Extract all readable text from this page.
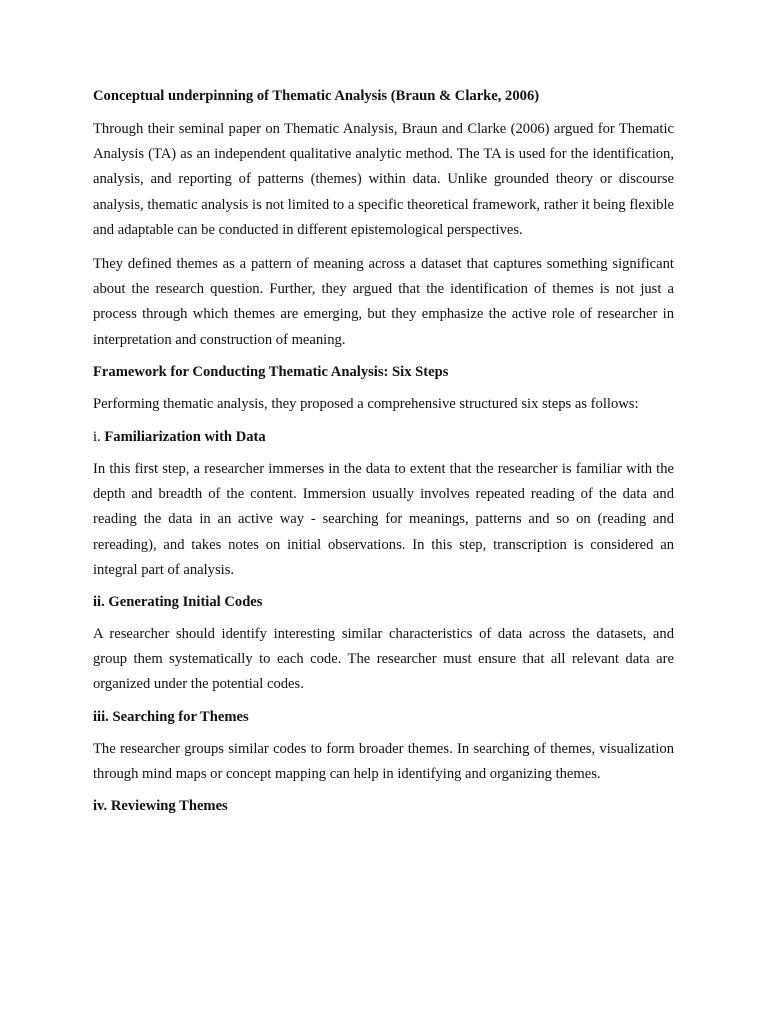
Conceptual underpinning of Thematic Analysis (Braun & Clarke, 2006)

Through their seminal paper on Thematic Analysis, Braun and Clarke (2006) argued for Thematic Analysis (TA) as an independent qualitative analytic method. The TA is used for the identification, analysis, and reporting of patterns (themes) within data. Unlike grounded theory or discourse analysis, thematic analysis is not limited to a specific theoretical framework, rather it being flexible and adaptable can be conducted in different epistemological perspectives.

They defined themes as a pattern of meaning across a dataset that captures something significant about the research question. Further, they argued that the identification of themes is not just a process through which themes are emerging, but they emphasize the active role of researcher in interpretation and construction of meaning.

Framework for Conducting Thematic Analysis: Six Steps

Performing thematic analysis, they proposed a comprehensive structured six steps as follows:

i. Familiarization with Data

In this first step, a researcher immerses in the data to extent that the researcher is familiar with the depth and breadth of the content. Immersion usually involves repeated reading of the data and reading the data in an active way - searching for meanings, patterns and so on (reading and rereading), and takes notes on initial observations. In this step, transcription is considered an integral part of analysis.

ii. Generating Initial Codes

A researcher should identify interesting similar characteristics of data across the datasets, and group them systematically to each code. The researcher must ensure that all relevant data are organized under the potential codes.

iii. Searching for Themes

The researcher groups similar codes to form broader themes. In searching of themes, visualization through mind maps or concept mapping can help in identifying and organizing themes.

iv. Reviewing Themes
